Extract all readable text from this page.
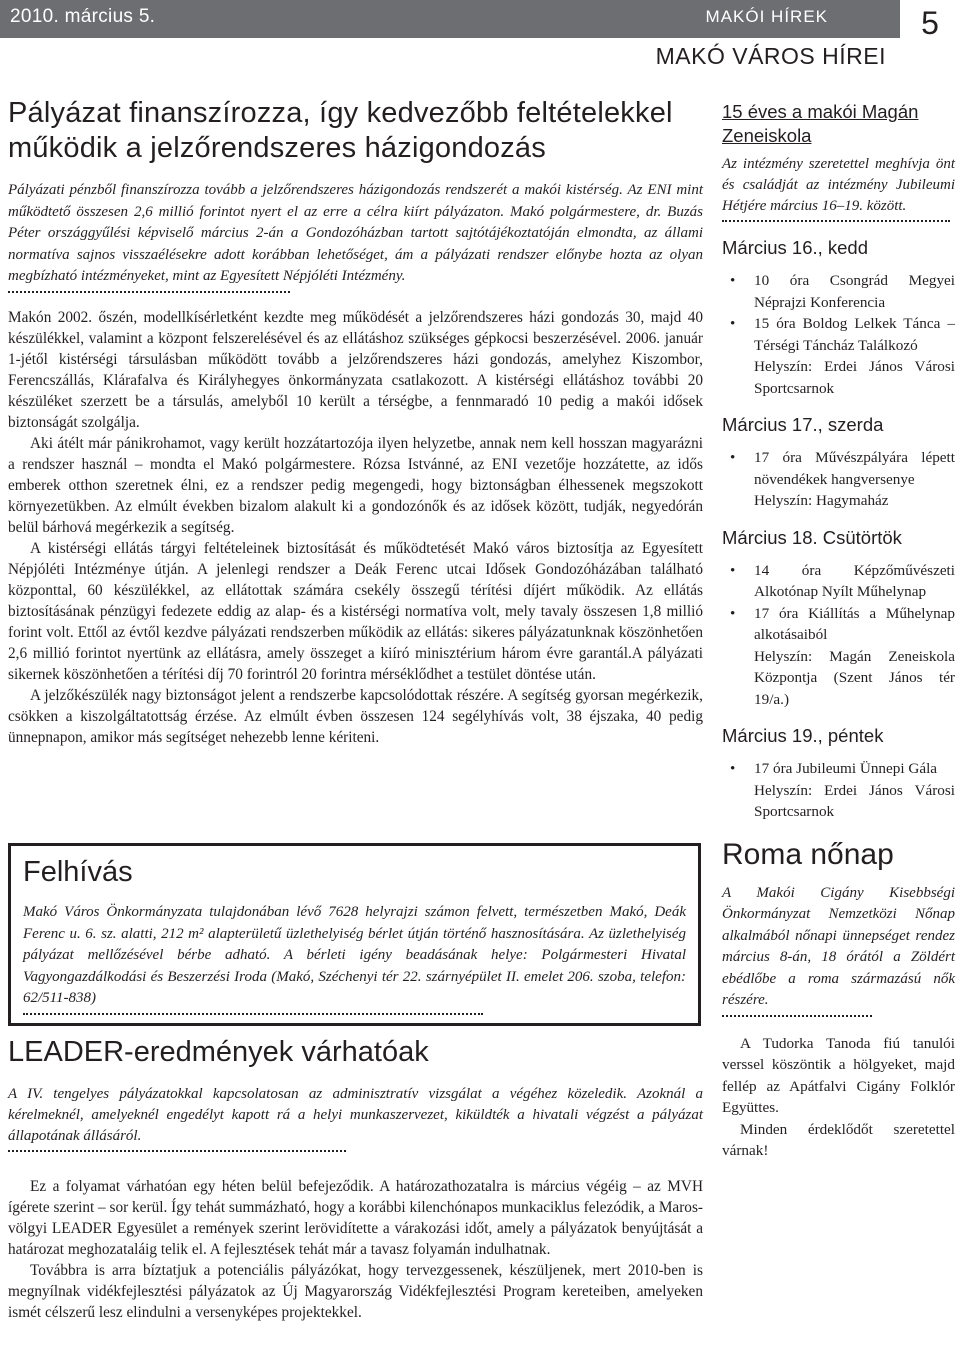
2010. március 5.	MAKÓI HÍREK	5
MAKÓ VÁROS HÍREI
Pályázat finanszírozza, így kedvezőbb feltételekkel működik a jelzőrendszeres házigondozás
Pályázati pénzből finanszírozza tovább a jelzőrendszeres házigondozás rendszerét a makói kistérség. Az ENI mint működtető összesen 2,6 millió forintot nyert el az erre a célra kiírt pályázaton. Makó polgármestere, dr. Buzás Péter országgyűlési képviselő március 2-án a Gondozóházban tartott sajtótájékoztatóján elmondta, az állami normatíva sajnos visszaélésekre adott korábban lehetőséget, ám a pályázati rendszer előnybe hozta az olyan megbízható intézményeket, mint az Egyesített Népjóléti Intézmény.

Makón 2002. őszén, modellkísérletként kezdte meg működését a jelzőrendszeres házi gondozás 30, majd 40 készülékkel, valamint a központ felszerelésével és az ellátáshoz szükséges gépkocsi beszerzésével. 2006. január 1-jétől kistérségi társulásban működött tovább a jelzőrendszeres házi gondozás, amelyhez Kiszombor, Ferencszállás, Klárafalva és Királyhegyes önkormányzata csatlakozott. A kistérségi ellátáshoz további 20 készüléket szerzett be a társulás, amelyből 10 került a térségbe, a fennmaradó 10 pedig a makói idősek biztonságát szolgálja.

Aki átélt már pánikrohamot, vagy került hozzátartozója ilyen helyzetbe, annak nem kell hosszan magyarázni a rendszer használ – mondta el Makó polgármestere. Rózsa Istvánné, az ENI vezetője hozzátette, az idős emberek otthon szeretnek élni, ez a rendszer pedig megengedi, hogy biztonságban élhessenek megszokott környezetükben. Az elmúlt években bizalom alakult ki a gondozónők és az idősek között, tudják, negyedórán belül bárhová megérkezik a segítség.

A kistérségi ellátás tárgyi feltételeinek biztosítását és működtetését Makó város biztosítja az Egyesített Népjóléti Intézménye útján. A jelenlegi rendszer a Deák Ferenc utcai Idősek Gondozóházában található központtal, 60 készülékkel, az ellátottak számára csekély összegű térítési díjért működik. Az ellátás biztosításának pénzügyi fedezete eddig az alap- és a kistérségi normatíva volt, mely tavaly összesen 1,8 millió forint volt. Ettől az évtől kezdve pályázati rendszerben működik az ellátás: sikeres pályázatunknak köszönhetően 2,6 millió forintot nyertünk az ellátásra, amely összeget a kiíró minisztérium három évre garantál.A pályázati sikernek köszönhetően a térítési díj 70 forintról 20 forintra mérséklődhet a testület döntése után.

A jelzőkészülék nagy biztonságot jelent a rendszerbe kapcsolódottak részére. A segítség gyorsan megérkezik, csökken a kiszolgáltatottság érzése. Az elmúlt évben összesen 124 segélyhívás volt, 38 éjszaka, 40 pedig ünnepnapon, amikor más segítséget nehezebb lenne kériteni.

Felhívás
Makó Város Önkormányzata tulajdonában lévő 7628 helyrajzi számon felvett, természetben Makó, Deák Ferenc u. 6. sz. alatti, 212 m² alapterületű üzlethelyiség bérlet útján történő hasznosítására. Az üzlethelyiség pályázat mellőzésével bérbe adható. A bérleti igény beadásának helye: Polgármesteri Hivatal Vagyongazdálkodási és Beszerzési Iroda (Makó, Széchenyi tér 22. szárnyépület II. emelet 206. szoba, telefon: 62/511-838)
LEADER-eredmények várhatóak
A IV. tengelyes pályázatokkal kapcsolatosan az adminisztratív vizsgálat a végéhez közeledik. Azoknál a kérelmeknél, amelyeknél engedélyt kapott rá a helyi munkaszervezet, kiküldték a hivatali végzést a pályázat állapotának állásáról.

Ez a folyamat várhatóan egy héten belül befejeződik. A határozathozatalra is március végéig – az MVH ígérete szerint – sor kerül. Így tehát summázható, hogy a korábbi kilenchónapos munkaciklus felezódik, a Maros-völgyi LEADER Egyesület a remények szerint lerövidítette a várakozási időt, amely a pályázatok benyújtását a határozat meghozataláig telik el. A fejlesztések tehát már a tavasz folyamán indulhatnak.

Továbbra is arra bíztatjuk a potenciális pályázókat, hogy tervezgessenek, készüljenek, mert 2010-ben is megnyílnak vidékfejlesztési pályázatok az Új Magyarország Vidékfejlesztési Program kereteiben, amelyeken ismét célszerű lesz elindulni a versenyképes projektekkel.

15 éves a makói Magán Zeneiskola
Az intézmény szeretettel meghívja önt és családját az intézmény Jubileumi Hétjére március 16–19. között.
Március 16., kedd
• 10 óra Csongrád Megyei Néprajzi Konferencia
• 15 óra Boldog Lelkek Tánca – Térségi Táncház Találkozó
Helyszín: Erdei János Városi Sportcsarnok
Március 17., szerda
• 17 óra Művészpályára lépett növendékek hangversenye
Helyszín: Hagymaház
Március 18. Csütörtök
• 14 óra Képzőművészeti Alkotónap Nyílt Műhelynap
• 17 óra Kiállítás a Műhelynap alkotásaiból
Helyszín: Magán Zeneiskola Központja (Szent János tér 19/a.)
Március 19., péntek
• 17 óra Jubileumi Ünnepi Gála
Helyszín: Erdei János Városi Sportcsarnok
Roma nőnap
A Makói Cigány Kisebbségi Önkormányzat Nemzetközi Nőnap alkalmából nőnapi ünnepséget rendez március 8-án, 18 órától a Zöldért ebédlőbe a roma származású nők részére.

A Tudorka Tanoda fiú tanulói verssel köszöntik a hölgyeket, majd fellép az Apátfalvi Cigány Folklór Együttes.

Minden érdeklődőt szeretettel várnak!
